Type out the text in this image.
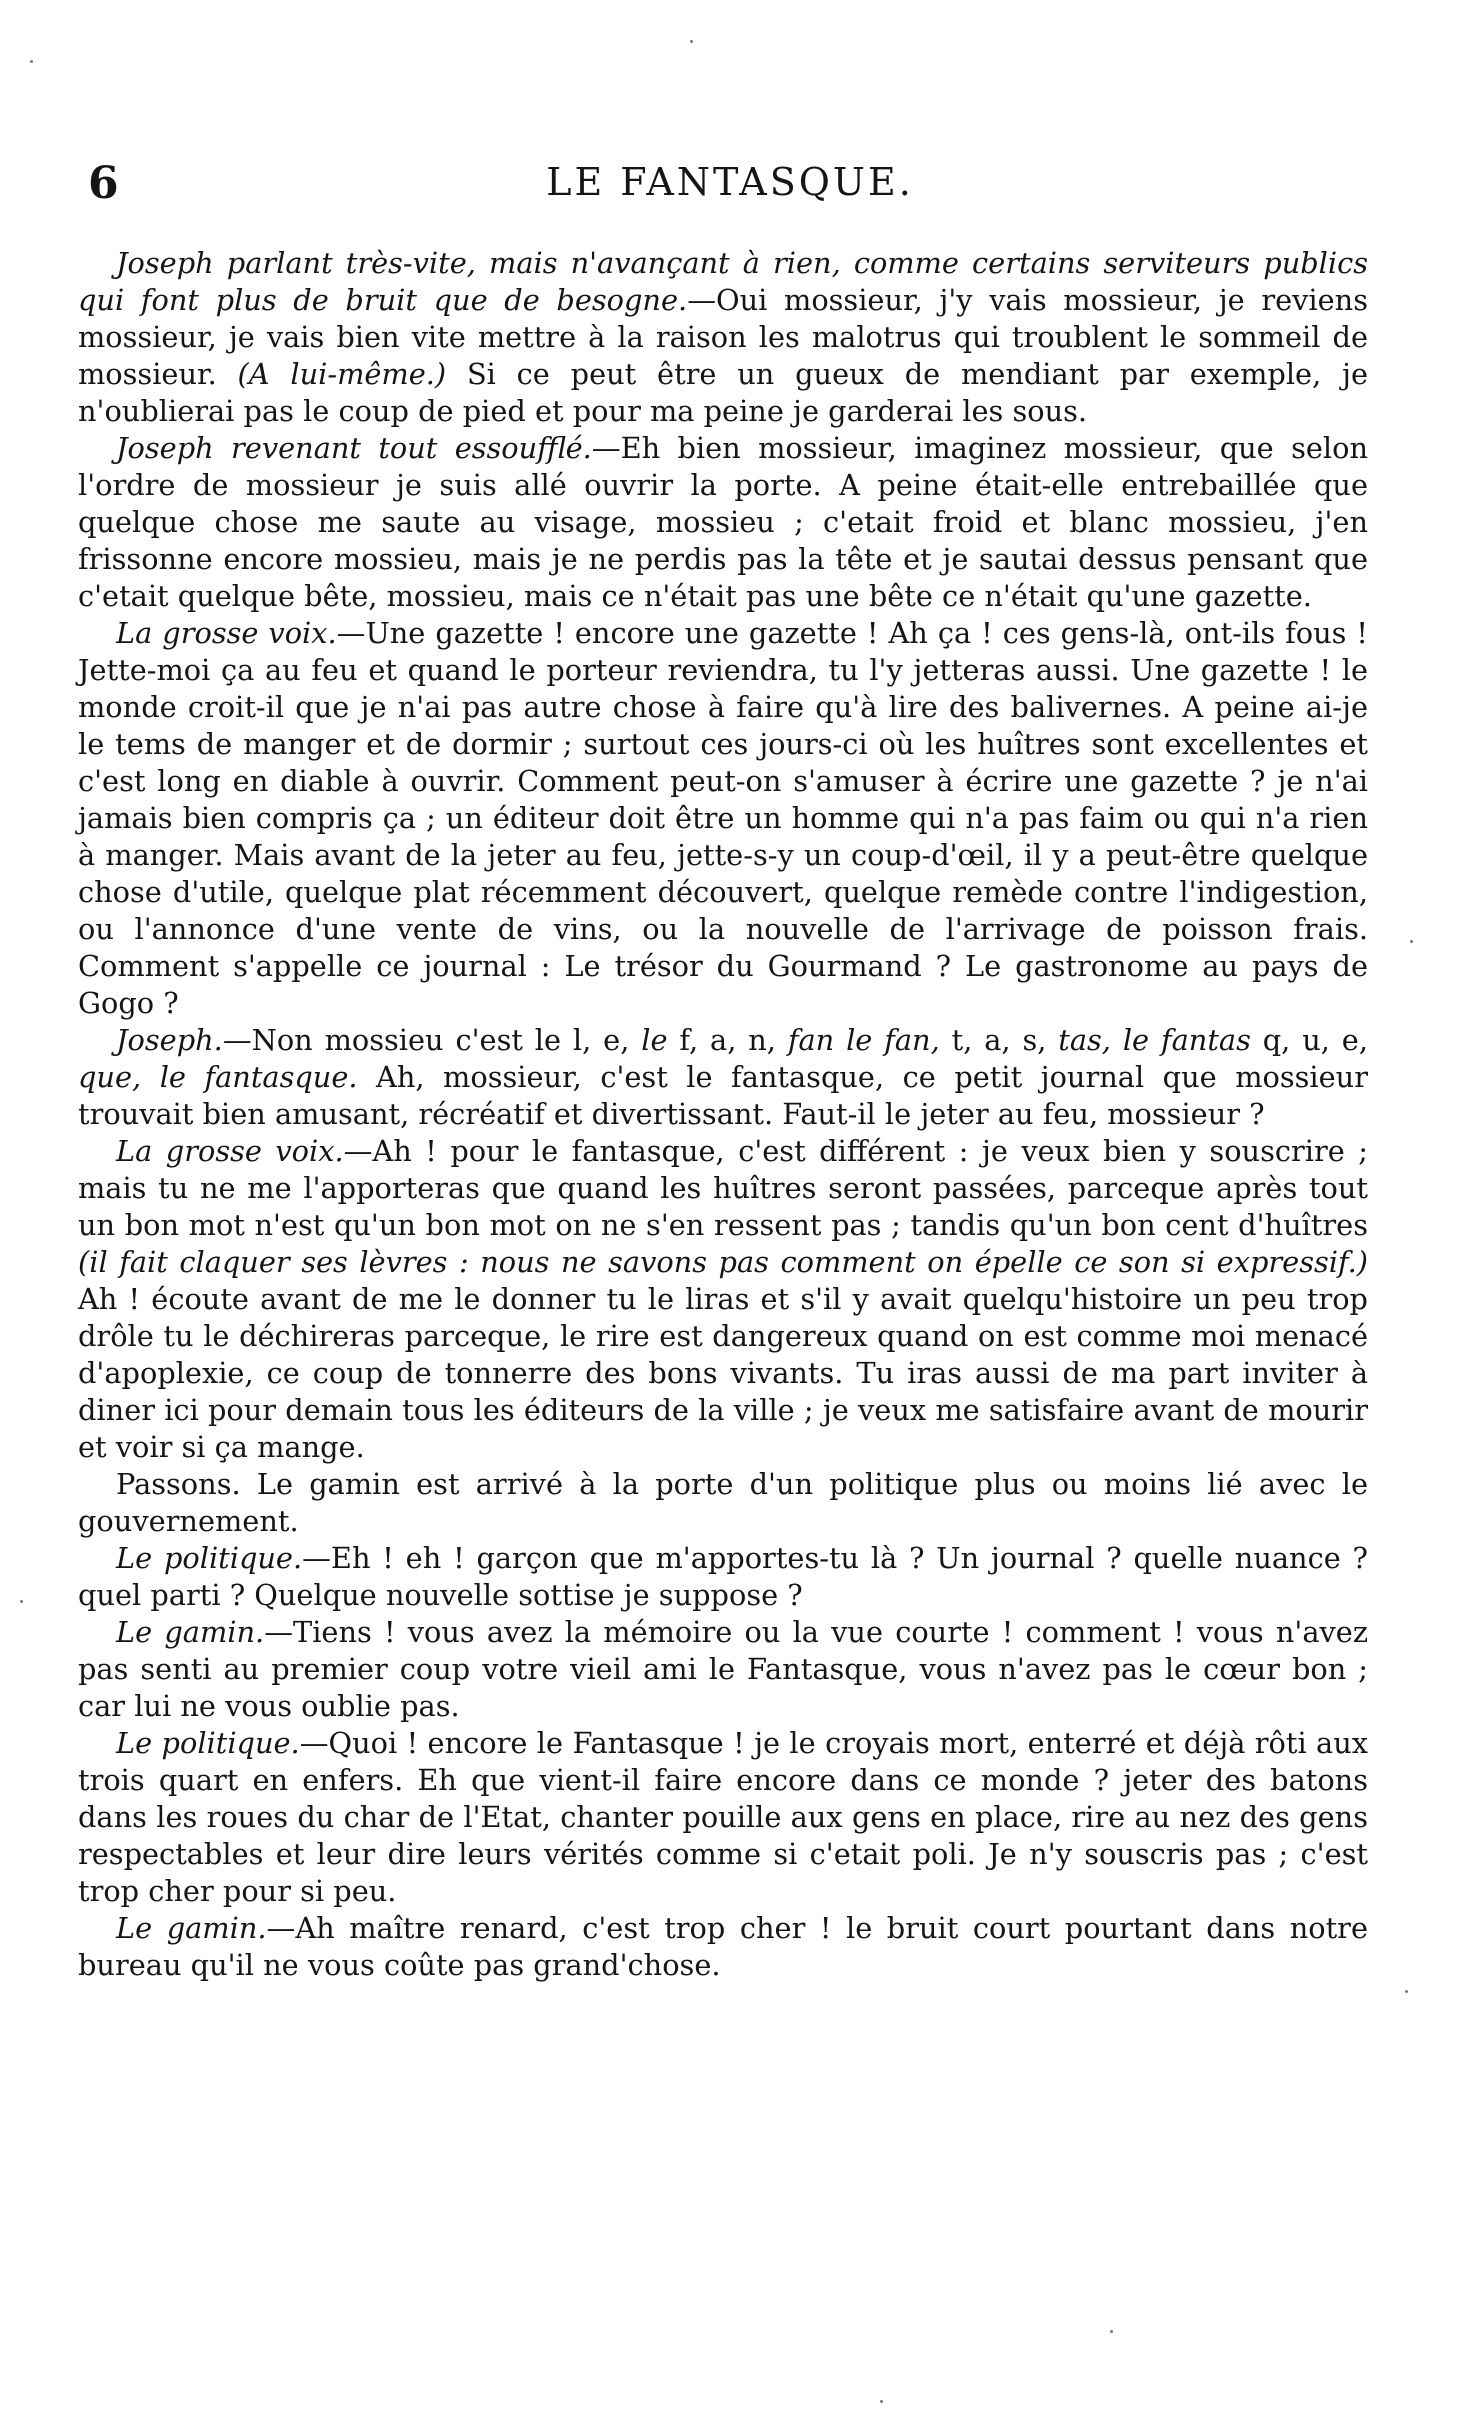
6	LE FANTASQUE.

Joseph parlant très-vite, mais n'avançant à rien, comme certains serviteurs publics qui font plus de bruit que de besogne.—Oui mossieur, j'y vais mossieur, je reviens mossieur, je vais bien vite mettre à la raison les malotrus qui troublent le sommeil de mossieur. (A lui-même.) Si ce peut être un gueux de mendiant par exemple, je n'oublierai pas le coup de pied et pour ma peine je garderai les sous.

Joseph revenant tout essoufflé.—Eh bien mossieur, imaginez mossieur, que selon l'ordre de mossieur je suis allé ouvrir la porte. A peine était-elle entrebaillée que quelque chose me saute au visage, mossieu ; c'etait froid et blanc mossieu, j'en frissonne encore mossieu, mais je ne perdis pas la tête et je sautai dessus pensant que c'etait quelque bête, mossieu, mais ce n'était pas une bête ce n'était qu'une gazette.

La grosse voix.—Une gazette ! encore une gazette ! Ah ça ! ces gens-là, ont-ils fous ! Jette-moi ça au feu et quand le porteur reviendra, tu l'y jetteras aussi. Une gazette ! le monde croit-il que je n'ai pas autre chose à faire qu'à lire des balivernes. A peine ai-je le tems de manger et de dormir ; surtout ces jours-ci où les huîtres sont excellentes et c'est long en diable à ouvrir. Comment peut-on s'amuser à écrire une gazette ? je n'ai jamais bien compris ça ; un éditeur doit être un homme qui n'a pas faim ou qui n'a rien à manger. Mais avant de la jeter au feu, jette-s-y un coup-d'œil, il y a peut-être quelque chose d'utile, quelque plat récemment découvert, quelque remède contre l'indigestion, ou l'annonce d'une vente de vins, ou la nouvelle de l'arrivage de poisson frais. Comment s'appelle ce journal : Le trésor du Gourmand ? Le gastronome au pays de Gogo ?

Joseph.—Non mossieu c'est le l, e, le f, a, n, fan le fan, t, a, s, tas, le fantas q, u, e, que, le fantasque. Ah, mossieur, c'est le fantasque, ce petit journal que mossieur trouvait bien amusant, récréatif et divertissant. Faut-il le jeter au feu, mossieur ?

La grosse voix.—Ah ! pour le fantasque, c'est différent : je veux bien y souscrire ; mais tu ne me l'apporteras que quand les huîtres seront passées, parceque après tout un bon mot n'est qu'un bon mot on ne s'en ressent pas ; tandis qu'un bon cent d'huîtres (il fait claquer ses lèvres : nous ne savons pas comment on épelle ce son si expressif.) Ah ! écoute avant de me le donner tu le liras et s'il y avait quelqu'histoire un peu trop drôle tu le déchireras parceque, le rire est dangereux quand on est comme moi menacé d'apoplexie, ce coup de tonnerre des bons vivants. Tu iras aussi de ma part inviter à diner ici pour demain tous les éditeurs de la ville ; je veux me satisfaire avant de mourir et voir si ça mange.

Passons. Le gamin est arrivé à la porte d'un politique plus ou moins lié avec le gouvernement.

Le politique.—Eh ! eh ! garçon que m'apportes-tu là ? Un journal ? quelle nuance ? quel parti ? Quelque nouvelle sottise je suppose ?

Le gamin.—Tiens ! vous avez la mémoire ou la vue courte ! comment ! vous n'avez pas senti au premier coup votre vieil ami le Fantasque, vous n'avez pas le cœur bon ; car lui ne vous oublie pas.

Le politique.—Quoi ! encore le Fantasque ! je le croyais mort, enterré et déjà rôti aux trois quart en enfers. Eh que vient-il faire encore dans ce monde ? jeter des batons dans les roues du char de l'Etat, chanter pouille aux gens en place, rire au nez des gens respectables et leur dire leurs vérités comme si c'etait poli. Je n'y souscris pas ; c'est trop cher pour si peu.

Le gamin.—Ah maître renard, c'est trop cher ! le bruit court pourtant dans notre bureau qu'il ne vous coûte pas grand'chose.
